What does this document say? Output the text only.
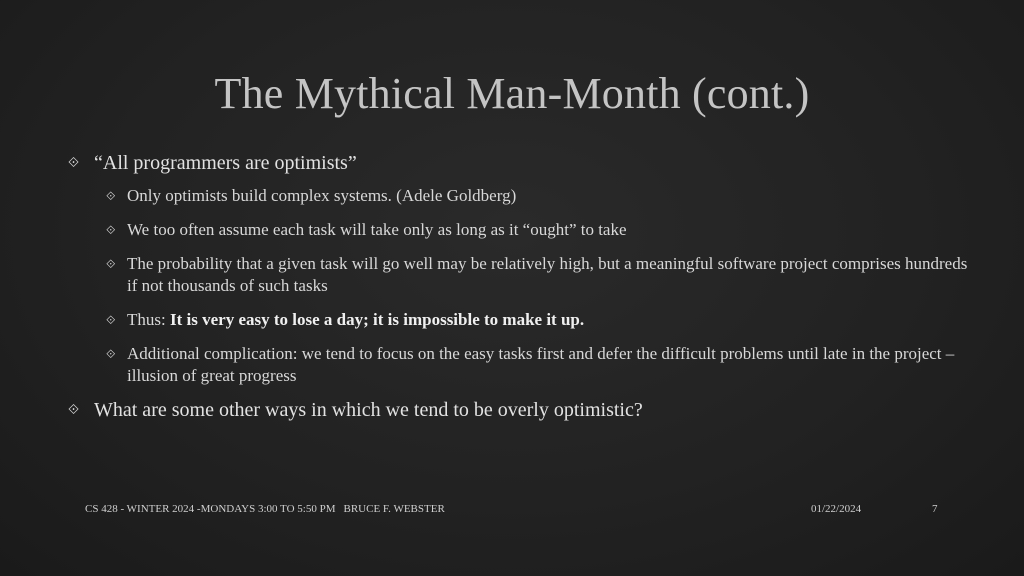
The Mythical Man-Month (cont.)
⟐ “All programmers are optimists”
⟐ Only optimists build complex systems. (Adele Goldberg)
⟐ We too often assume each task will take only as long as it “ought” to take
⟐ The probability that a given task will go well may be relatively high, but a meaningful software project comprises hundreds if not thousands of such tasks
⟐ Thus: It is very easy to lose a day; it is impossible to make it up.
⟐ Additional complication: we tend to focus on the easy tasks first and defer the difficult problems until late in the project – illusion of great progress
⟐ What are some other ways in which we tend to be overly optimistic?
CS 428 - WINTER 2024 -MONDAYS 3:00 TO 5:50 PM BRUCE F. WEBSTER	01/22/2024	7
